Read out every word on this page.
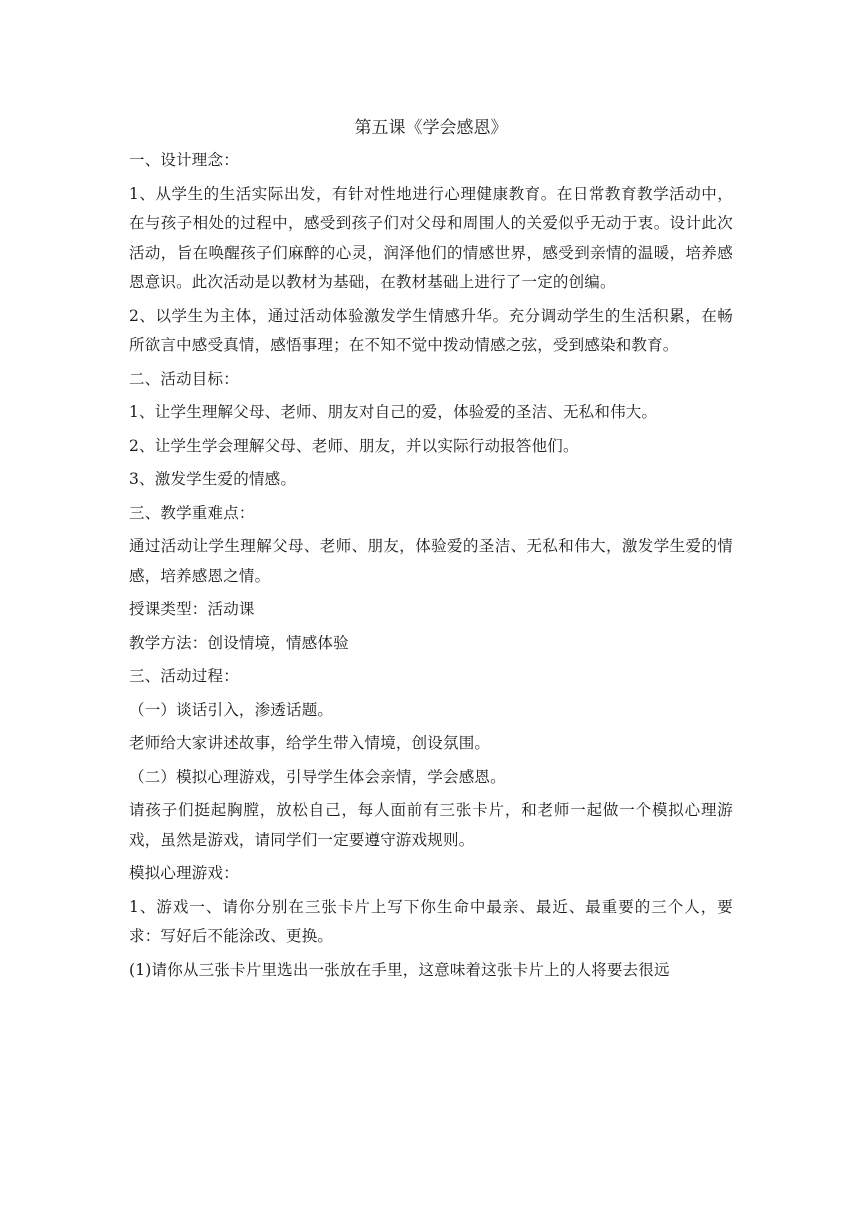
第五课《学会感恩》

一、设计理念：

1、从学生的生活实际出发，有针对性地进行心理健康教育。在日常教育教学活动中，在与孩子相处的过程中，感受到孩子们对父母和周围人的关爱似乎无动于衷。设计此次活动，旨在唤醒孩子们麻醉的心灵，润泽他们的情感世界，感受到亲情的温暖，培养感恩意识。此次活动是以教材为基础，在教材基础上进行了一定的创编。

2、以学生为主体，通过活动体验激发学生情感升华。充分调动学生的生活积累，在畅所欲言中感受真情，感悟事理；在不知不觉中拨动情感之弦，受到感染和教育。

二、活动目标：

1、让学生理解父母、老师、朋友对自己的爱，体验爱的圣洁、无私和伟大。

2、让学生学会理解父母、老师、朋友，并以实际行动报答他们。

3、激发学生爱的情感。

三、教学重难点：

通过活动让学生理解父母、老师、朋友，体验爱的圣洁、无私和伟大，激发学生爱的情感，培养感恩之情。

授课类型：活动课

教学方法：创设情境，情感体验

三、活动过程：

（一）谈话引入，渗透话题。

老师给大家讲述故事，给学生带入情境，创设氛围。

（二）模拟心理游戏，引导学生体会亲情，学会感恩。

请孩子们挺起胸膛，放松自己，每人面前有三张卡片，和老师一起做一个模拟心理游戏，虽然是游戏，请同学们一定要遵守游戏规则。

模拟心理游戏：

1、游戏一、请你分别在三张卡片上写下你生命中最亲、最近、最重要的三个人，要求：写好后不能涂改、更换。

(1)请你从三张卡片里选出一张放在手里，这意味着这张卡片上的人将要去很远
